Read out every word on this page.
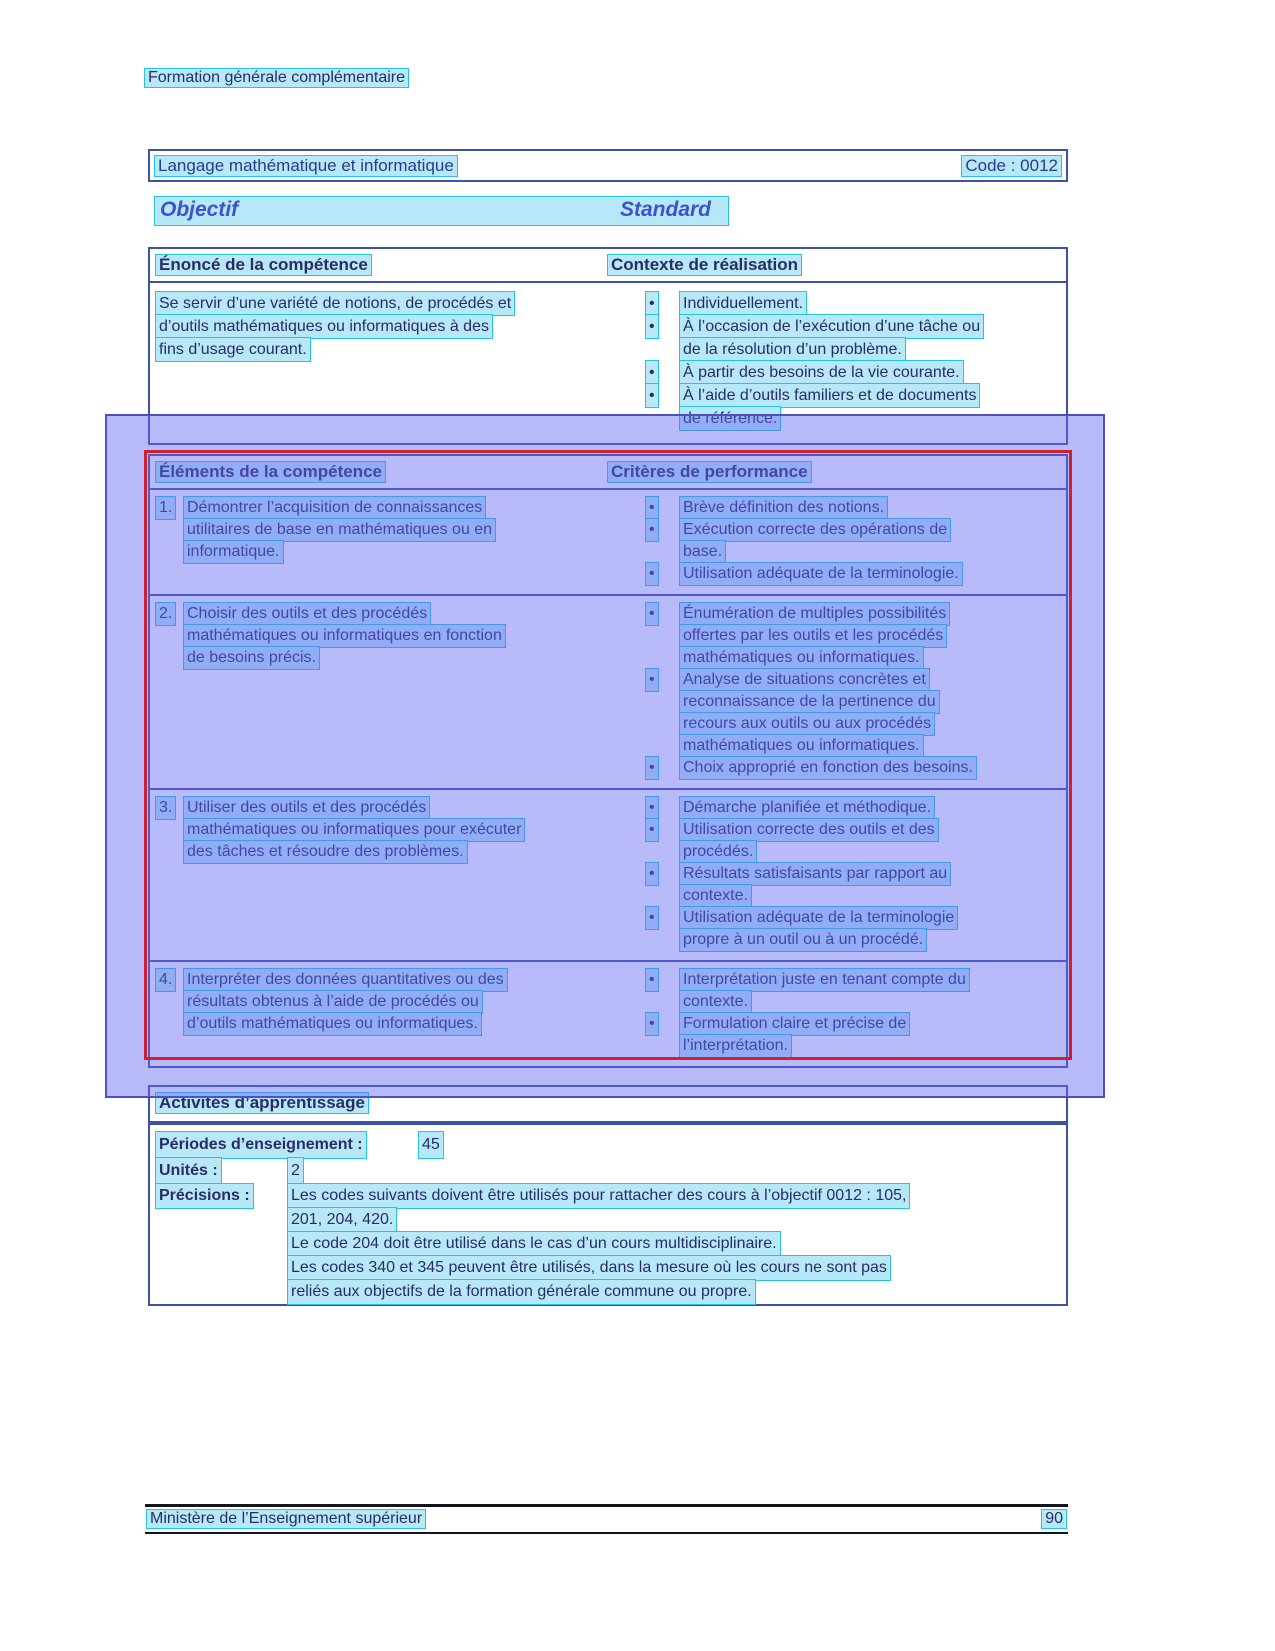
Formation générale complémentaire
Langage mathématique et informatique	Code : 0012
Objectif	Standard
Énoncé de la compétence	Contexte de réalisation
Se servir d’une variété de notions, de procédés et
d’outils mathématiques ou informatiques à des
fins d’usage courant.
•	Individuellement.
•	À l’occasion de l’exécution d’une tâche ou
de la résolution d’un problème.
•	À partir des besoins de la vie courante.
•	À l’aide d’outils familiers et de documents
de référence.
Éléments de la compétence	Critères de performance
1. Démontrer l’acquisition de connaissances
utilitaires de base en mathématiques ou en
informatique.
•	Brève définition des notions.
•	Exécution correcte des opérations de
base.
•	Utilisation adéquate de la terminologie.
2. Choisir des outils et des procédés
mathématiques ou informatiques en fonction
de besoins précis.
•	Énumération de multiples possibilités
offertes par les outils et les procédés
mathématiques ou informatiques.
•	Analyse de situations concrètes et
reconnaissance de la pertinence du
recours aux outils ou aux procédés
mathématiques ou informatiques.
•	Choix approprié en fonction des besoins.
3. Utiliser des outils et des procédés
mathématiques ou informatiques pour exécuter
des tâches et résoudre des problèmes.
•	Démarche planifiée et méthodique.
•	Utilisation correcte des outils et des
procédés.
•	Résultats satisfaisants par rapport au
contexte.
•	Utilisation adéquate de la terminologie
propre à un outil ou à un procédé.
4. Interpréter des données quantitatives ou des
résultats obtenus à l’aide de procédés ou
d’outils mathématiques ou informatiques.
•	Interprétation juste en tenant compte du
contexte.
•	Formulation claire et précise de
l’interprétation.
Activités d’apprentissage
Périodes d’enseignement :	45
Unités :	2
Précisions :	Les codes suivants doivent être utilisés pour rattacher des cours à l’objectif 0012 : 105,
201, 204, 420.
Le code 204 doit être utilisé dans le cas d’un cours multidisciplinaire.
Les codes 340 et 345 peuvent être utilisés, dans la mesure où les cours ne sont pas
reliés aux objectifs de la formation générale commune ou propre.
Ministère de l’Enseignement supérieur	90
